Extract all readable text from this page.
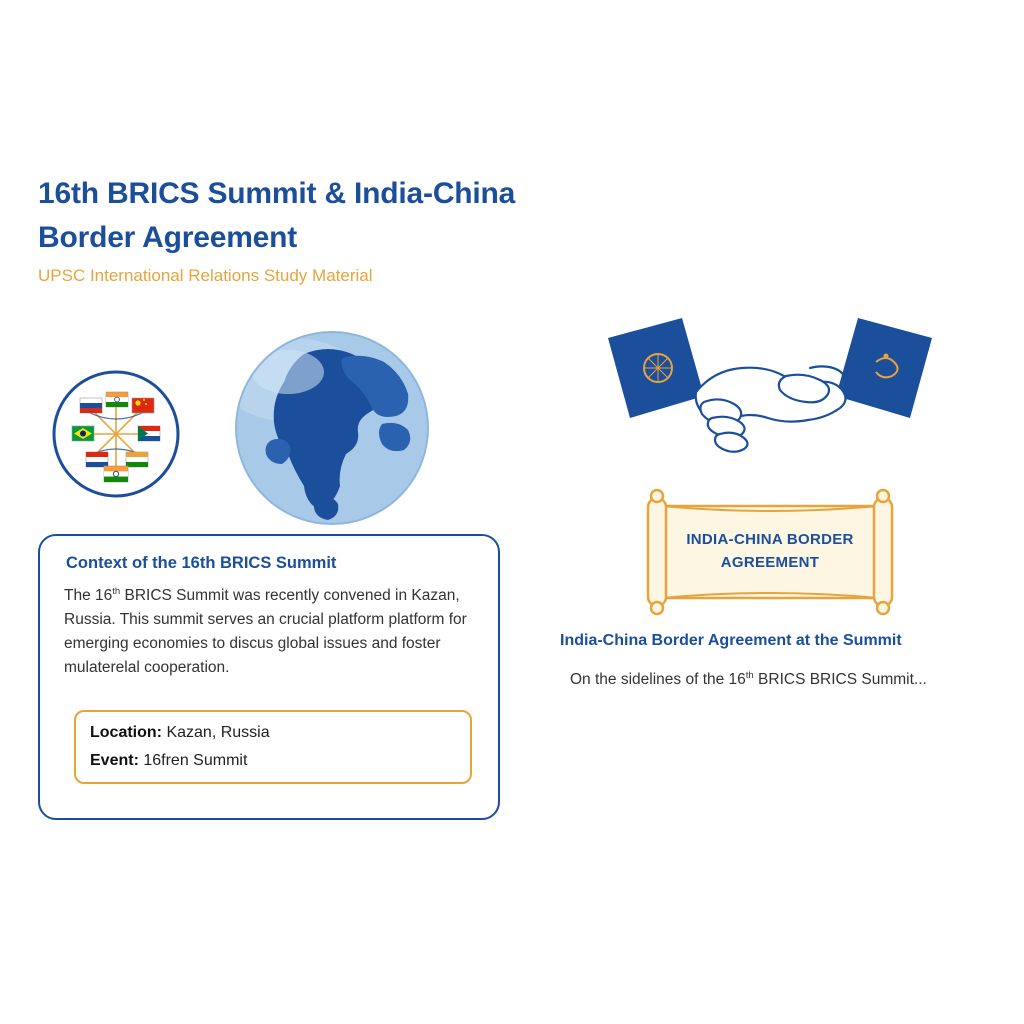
16th BRICS Summit & India-China
Border Agreement
UPSC International Relations Study Material
INDIA-CHINA BORDER
AGREEMENT
Context of the 16th BRICS Summit
The 16th BRICS Summit was recently convened in Kazan, Russia. This summit serves an crucial platform platform for emerging economies to discus global issues and foster mulaterelal cooperation.
Location: Kazan, Russia
Event: 16fren Summit
India-China Border Agreement at the Summit
On the sidelines of the 16th BRICS BRICS Summit...
